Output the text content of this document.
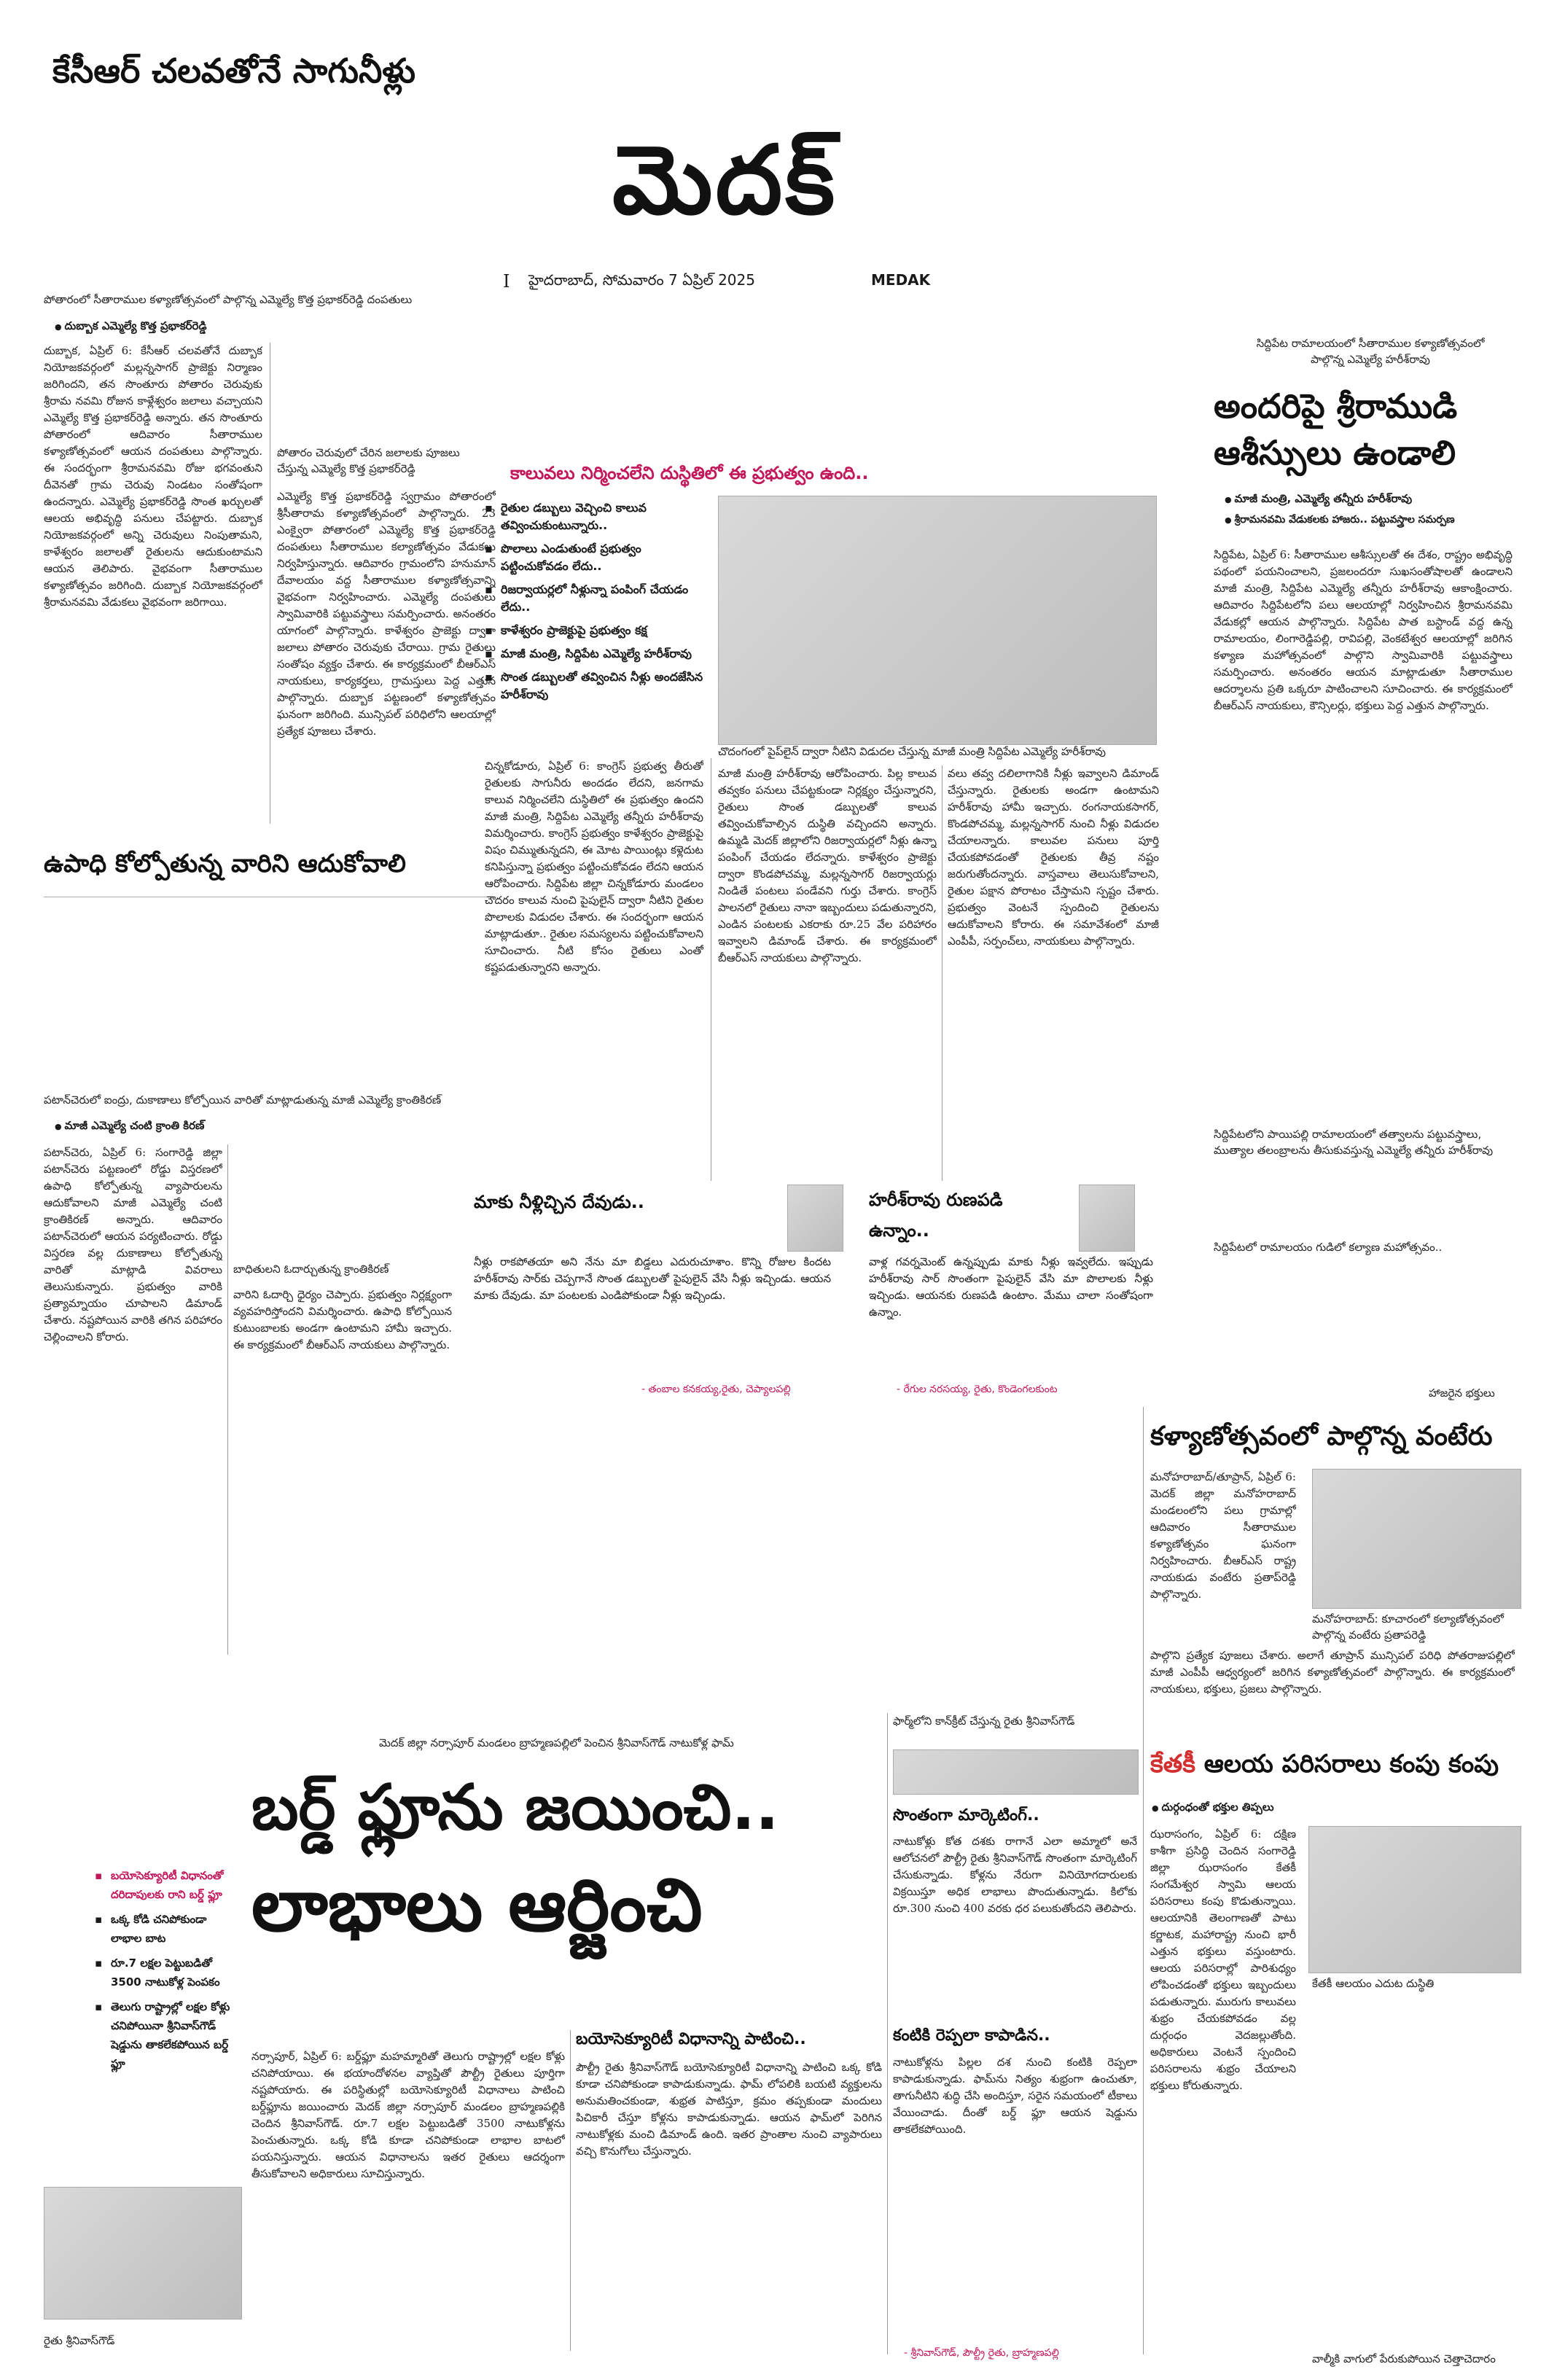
కేసీఆర్ చలవతోనే సాగునీళ్లు
మెదక్
I హైదరాబాద్, సోమవారం 7 ఏప్రిల్ 2025	MEDAK
పోతారంలో సీతారాముల కళ్యాణోత్సవంలో పాల్గొన్న ఎమ్మెల్యే కొత్త ప్రభాకర్‌రెడ్డి దంపతులు
● దుబ్బాక ఎమ్మెల్యే కొత్త ప్రభాకర్‌రెడ్డి
దుబ్బాక, ఏప్రిల్ 6: కేసీఆర్ చలవతోనే దుబ్బాక నియోజకవర్గంలో మల్లన్నసాగర్ ప్రాజెక్టు నిర్మాణం జరిగిందని, తన సొంతూరు పోతారం చెరువుకు శ్రీరామ నవమి రోజున కాళ్లేశ్వరం జలాలు వచ్చాయని ఎమ్మెల్యే కొత్త ప్రభాకర్‌రెడ్డి అన్నారు. తన సొంతూరు పోతారంలో ఆదివారం సీతారాముల కళ్యాణోత్సవంలో ఆయన దంపతులు పాల్గొన్నారు. ఈ సందర్భంగా శ్రీరామనవమి రోజు భగవంతుని దీవెనతో గ్రామ చెరువు నిండటం సంతోషంగా ఉందన్నారు. ఎమ్మెల్యే ప్రభాకర్‌రెడ్డి సొంత ఖర్చులతో ఆలయ అభివృద్ధి పనులు చేపట్టారు. దుబ్బాక నియోజకవర్గంలో అన్ని చెరువులు నింపుతామని, కాళేశ్వరం జలాలతో రైతులను ఆదుకుంటామని ఆయన తెలిపారు. వైభవంగా సీతారాముల కళ్యాణోత్సవం జరిగింది. దుబ్బాక నియోజకవర్గంలో శ్రీరామనవమి వేడుకలు వైభవంగా జరిగాయి.
పోతారం చెరువులో చేరిన జలాలకు పూజలు చేస్తున్న ఎమ్మెల్యే కొత్త ప్రభాకర్‌రెడ్డి
ఎమ్మెల్యే కొత్త ప్రభాకర్‌రెడ్డి స్వగ్రామం పోతారంలో శ్రీసీతారామ కళ్యాణోత్సవంలో పాల్గొన్నారు. 23 ఎంక్వైరా పోతారంలో ఎమ్మెల్యే కొత్త ప్రభాకర్‌రెడ్డి దంపతులు సీతారాముల కల్యాణోత్సవం వేడుకలు నిర్వహిస్తున్నారు. ఆదివారం గ్రామంలోని హనుమాన్ దేవాలయం వద్ద సీతారాముల కళ్యాణోత్సవాన్ని వైభవంగా నిర్వహించారు. ఎమ్మెల్యే దంపతులు స్వామివారికి పట్టువస్త్రాలు సమర్పించారు. అనంతరం యాగంలో పాల్గొన్నారు. కాళేశ్వరం ప్రాజెక్టు ద్వారా జలాలు పోతారం చెరువుకు చేరాయి. గ్రామ రైతులు సంతోషం వ్యక్తం చేశారు. ఈ కార్యక్రమంలో బీఆర్‌ఎస్ నాయకులు, కార్యకర్తలు, గ్రామస్తులు పెద్ద ఎత్తున పాల్గొన్నారు. దుబ్బాక పట్టణంలో కళ్యాణోత్సవం ఘనంగా జరిగింది. మున్సిపల్ పరిధిలోని ఆలయాల్లో ప్రత్యేక పూజలు చేశారు.
ఉపాధి కోల్పోతున్న వారిని ఆదుకోవాలి
పటాన్‌చెరులో ఐంద్రు, దుకాణాలు కోల్పోయిన వారితో మాట్లాడుతున్న మాజీ ఎమ్మెల్యే క్రాంతికిరణ్
● మాజీ ఎమ్మెల్యే చంటి క్రాంతి కిరణ్
పటాన్‌చెరు, ఏప్రిల్ 6: సంగారెడ్డి జిల్లా పటాన్‌చెరు పట్టణంలో రోడ్డు విస్తరణలో ఉపాధి కోల్పోతున్న వ్యాపారులను ఆదుకోవాలని మాజీ ఎమ్మెల్యే చంటి క్రాంతికిరణ్ అన్నారు. ఆదివారం పటాన్‌చెరులో ఆయన పర్యటించారు. రోడ్డు విస్తరణ వల్ల దుకాణాలు కోల్పోతున్న వారితో మాట్లాడి వివరాలు తెలుసుకున్నారు. ప్రభుత్వం వారికి ప్రత్యామ్నాయం చూపాలని డిమాండ్ చేశారు. నష్టపోయిన వారికి తగిన పరిహారం చెల్లించాలని కోరారు.
బాధితులని ఓదార్చుతున్న క్రాంతికిరణ్
వారిని ఓదార్చి ధైర్యం చెప్పారు. ప్రభుత్వం నిర్లక్ష్యంగా వ్యవహరిస్తోందని విమర్శించారు. ఉపాధి కోల్పోయిన కుటుంబాలకు అండగా ఉంటామని హామీ ఇచ్చారు. ఈ కార్యక్రమంలో బీఆర్‌ఎస్ నాయకులు పాల్గొన్నారు.
కాలువలు నిర్మించలేని దుస్థితిలో ఈ ప్రభుత్వం ఉంది..
▪ రైతుల డబ్బులు వెచ్చించి కాలువ తవ్వించుకుంటున్నారు..
▪ పొలాలు ఎండుతుంటే ప్రభుత్వం పట్టించుకోవడం లేదు..
▪ రిజర్వాయర్లలో నీళ్లున్నా పంపింగ్ చేయడం లేదు..
▪ కాళేశ్వరం ప్రాజెక్టుపై ప్రభుత్వం కక్ష
▪ మాజీ మంత్రి, సిద్దిపేట ఎమ్మెల్యే హరీశ్‌రావు
▪ సొంత డబ్బులతో తవ్వించిన నీళ్లు అందజేసిన హరీశ్‌రావు
చొదంగంలో పైప్‌లైన్ ద్వారా నీటిని విడుదల చేస్తున్న మాజీ మంత్రి సిద్దిపేట ఎమ్మెల్యే హరీశ్‌రావు
చిన్నకోడూరు, ఏప్రిల్ 6: కాంగ్రెస్ ప్రభుత్వ తీరుతో రైతులకు సాగునీరు అందడం లేదని, జనగామ కాలువ నిర్మించలేని దుస్థితిలో ఈ ప్రభుత్వం ఉందని మాజీ మంత్రి, సిద్దిపేట ఎమ్మెల్యే తన్నీరు హరీశ్‌రావు విమర్శించారు. కాంగ్రెస్ ప్రభుత్వం కాళేశ్వరం ప్రాజెక్టుపై విషం చిమ్ముతున్నదని, ఈ మోట పాయింట్లు కళ్లెదుట కనిపిస్తున్నా ప్రభుత్వం పట్టించుకోవడం లేదని ఆయన ఆరోపించారు. సిద్దిపేట జిల్లా చిన్నకోడూరు మండలం చౌదరం కాలువ నుంచి పైపులైన్ ద్వారా నీటిని రైతుల పొలాలకు విడుదల చేశారు. ఈ సందర్భంగా ఆయన మాట్లాడుతూ.. రైతుల సమస్యలను పట్టించుకోవాలని సూచించారు. నీటి కోసం రైతులు ఎంతో కష్టపడుతున్నారని అన్నారు.
మాజీ మంత్రి హరీశ్‌రావు ఆరోపించారు. పిల్ల కాలువ తవ్వకం పనులు చేపట్టకుండా నిర్లక్ష్యం చేస్తున్నారని, రైతులు సొంత డబ్బులతో కాలువ తవ్వించుకోవాల్సిన దుస్థితి వచ్చిందని అన్నారు. ఉమ్మడి మెదక్ జిల్లాలోని రిజర్వాయర్లలో నీళ్లు ఉన్నా పంపింగ్ చేయడం లేదన్నారు. కాళేశ్వరం ప్రాజెక్టు ద్వారా కొండపోచమ్మ, మల్లన్నసాగర్ రిజర్వాయర్లు నిండితే పంటలు పండేవని గుర్తు చేశారు. కాంగ్రెస్ పాలనలో రైతులు నానా ఇబ్బందులు పడుతున్నారని, ఎండిన పంటలకు ఎకరాకు రూ.25 వేల పరిహారం ఇవ్వాలని డిమాండ్ చేశారు. ఈ కార్యక్రమంలో బీఆర్‌ఎస్ నాయకులు పాల్గొన్నారు.
వలు తవ్వ దలిలాగానికి నీళ్లు ఇవ్వాలని డిమాండ్ చేస్తున్నారు. రైతులకు అండగా ఉంటామని హరీశ్‌రావు హామీ ఇచ్చారు. రంగనాయకసాగర్, కొండపోచమ్మ, మల్లన్నసాగర్ నుంచి నీళ్లు విడుదల చేయాలన్నారు. కాలువల పనులు పూర్తి చేయకపోవడంతో రైతులకు తీవ్ర నష్టం జరుగుతోందన్నారు. వాస్తవాలు తెలుసుకోవాలని, రైతుల పక్షాన పోరాటం చేస్తామని స్పష్టం చేశారు. ప్రభుత్వం వెంటనే స్పందించి రైతులను ఆదుకోవాలని కోరారు. ఈ సమావేశంలో మాజీ ఎంపీపీ, సర్పంచ్‌లు, నాయకులు పాల్గొన్నారు.
మాకు నీళ్లిచ్చిన దేవుడు..
నీళ్లు రాకపోతయా అని నేను మా బిడ్డలు ఎదురుచూశాం. కొన్ని రోజుల కిందట హరీశ్‌రావు సార్‌కు చెప్పగానే సొంత డబ్బులతో పైపులైన్ వేసి నీళ్లు ఇచ్చిండు. ఆయన మాకు దేవుడు. మా పంటలకు ఎండిపోకుండా నీళ్లు ఇచ్చిండు.
- తంబాల కనకయ్య,రైతు, చెప్యాలపల్లి
హరీశ్‌రావు రుణపడి ఉన్నాం..
వాళ్ల గవర్నమెంట్ ఉన్నప్పుడు మాకు నీళ్లు ఇవ్వలేదు. ఇప్పుడు హరీశ్‌రావు సార్ సొంతంగా పైపులైన్ వేసి మా పొలాలకు నీళ్లు ఇచ్చిండు. ఆయనకు రుణపడి ఉంటాం. మేము చాలా సంతోషంగా ఉన్నాం.
- రేగుల నరసయ్య, రైతు, కొండెంగలకుంట
సిద్దిపేట రామాలయంలో సీతారాముల కళ్యాణోత్సవంలో పాల్గొన్న ఎమ్మెల్యే హరీశ్‌రావు
అందరిపై శ్రీరాముడి ఆశీస్సులు ఉండాలి
● మాజీ మంత్రి, ఎమ్మెల్యే తన్నీరు హరీశ్‌రావు
● శ్రీరామనవమి వేడుకలకు హాజరు.. పట్టువస్త్రాల సమర్పణ
సిద్దిపేట, ఏప్రిల్ 6: సీతారాముల ఆశీస్సులతో ఈ దేశం, రాష్ట్రం అభివృద్ధి పథంలో పయనించాలని, ప్రజలందరూ సుఖసంతోషాలతో ఉండాలని మాజీ మంత్రి, సిద్దిపేట ఎమ్మెల్యే తన్నీరు హరీశ్‌రావు ఆకాంక్షించారు. ఆదివారం సిద్దిపేటలోని పలు ఆలయాల్లో నిర్వహించిన శ్రీరామనవమి వేడుకల్లో ఆయన పాల్గొన్నారు. సిద్దిపేట పాత బస్టాండ్ వద్ద ఉన్న రామాలయం, లింగారెడ్డిపల్లి, రావిపల్లి, వెంకటేశ్వర ఆలయాల్లో జరిగిన కళ్యాణ మహోత్సవంలో పాల్గొని స్వామివారికి పట్టువస్త్రాలు సమర్పించారు. అనంతరం ఆయన మాట్లాడుతూ సీతారాముల ఆదర్శాలను ప్రతి ఒక్కరూ పాటించాలని సూచించారు. ఈ కార్యక్రమంలో బీఆర్‌ఎస్ నాయకులు, కౌన్సిలర్లు, భక్తులు పెద్ద ఎత్తున పాల్గొన్నారు.
సిద్దిపేటలోని పాయిపల్లి రామాలయంలో తత్వాలను పట్టువస్త్రాలు, ముత్యాల తలంబ్రాలను తీసుకువస్తున్న ఎమ్మెల్యే తన్నీరు హరీశ్‌రావు
సిద్దిపేటలో రామాలయం గుడిలో కల్యాణ మహోత్సవం..
హాజరైన భక్తులు
కళ్యాణోత్సవంలో పాల్గొన్న వంటేరు
మనోహరాబాద్/తూప్రాన్, ఏప్రిల్ 6: మెదక్ జిల్లా మనోహరాబాద్ మండలంలోని పలు గ్రామాల్లో ఆదివారం సీతారాముల కళ్యాణోత్సవం ఘనంగా నిర్వహించారు. బీఆర్‌ఎస్ రాష్ట్ర నాయకుడు వంటేరు ప్రతాప్‌రెడ్డి పాల్గొన్నారు.
మనోహరాబాద్: కూచారంలో కల్యాణోత్సవంలో పాల్గొన్న వంటేరు ప్రతాపరెడ్డి
పాల్గొని ప్రత్యేక పూజలు చేశారు. అలాగే తూప్రాన్ మున్సిపల్ పరిధి పోతరాజుపల్లిలో మాజీ ఎంపీపీ ఆధ్వర్యంలో జరిగిన కళ్యాణోత్సవంలో పాల్గొన్నారు. ఈ కార్యక్రమంలో నాయకులు, భక్తులు, ప్రజలు పాల్గొన్నారు.
కేతకీ ఆలయ పరిసరాలు కంపు కంపు
● దుర్గంధంతో భక్తుల తిప్పలు
ఝరాసంగం, ఏప్రిల్ 6: దక్షిణ కాశీగా ప్రసిద్ధి చెందిన సంగారెడ్డి జిల్లా ఝరాసంగం కేతకీ సంగమేశ్వర స్వామి ఆలయ పరిసరాలు కంపు కొడుతున్నాయి. ఆలయానికి తెలంగాణతో పాటు కర్ణాటక, మహారాష్ట్ర నుంచి భారీ ఎత్తున భక్తులు వస్తుంటారు. ఆలయ పరిసరాల్లో పారిశుధ్యం లోపించడంతో భక్తులు ఇబ్బందులు పడుతున్నారు. మురుగు కాలువలు శుభ్రం చేయకపోవడం వల్ల దుర్గంధం వెదజల్లుతోంది. అధికారులు వెంటనే స్పందించి పరిసరాలను శుభ్రం చేయాలని భక్తులు కోరుతున్నారు.
కేతకీ ఆలయం ఎదుట దుస్థితి
వాల్మీకి వాగులో పేరుకుపోయిన చెత్తాచెదారం
మెదక్ జిల్లా నర్సాపూర్ మండలం బ్రాహ్మణపల్లిలో పెంచిన శ్రీనివాస్‌గౌడ్ నాటుకోళ్ల ఫామ్
బర్డ్ ఫ్లూను జయించి..
లాభాలు ఆర్జించి
▪ బయోసెక్యూరిటీ విధానంతో దరిదాపులకు రాని బర్డ్ ఫ్లూ
▪ ఒక్క కోడి చనిపోకుండా లాభాల బాట
▪ రూ.7 లక్షల పెట్టుబడితో 3500 నాటుకోళ్ల పెంపకం
▪ తెలుగు రాష్ట్రాల్లో లక్షల కోళ్లు చనిపోయినా శ్రీనివాస్‌గౌడ్ షెడ్డును తాకలేకపోయిన బర్డ్ ఫ్లూ
రైతు శ్రీనివాస్‌గౌడ్
ఫార్మ్‌లోని కాన్‌క్రీట్ చేస్తున్న రైతు శ్రీనివాస్‌గౌడ్
నర్సాపూర్, ఏప్రిల్ 6: బర్డ్‌ఫ్లూ మహమ్మారితో తెలుగు రాష్ట్రాల్లో లక్షల కోళ్లు చనిపోయాయి. ఈ భయాందోళనల వ్యాప్తితో పౌల్ట్రీ రైతులు పూర్తిగా నష్టపోయారు. ఈ పరిస్థితుల్లో బయోసెక్యూరిటీ విధానాలు పాటించి బర్డ్‌ఫ్లూను జయించారు మెదక్ జిల్లా నర్సాపూర్ మండలం బ్రాహ్మణపల్లికి చెందిన శ్రీనివాస్‌గౌడ్. రూ.7 లక్షల పెట్టుబడితో 3500 నాటుకోళ్లను పెంచుతున్నారు. ఒక్క కోడి కూడా చనిపోకుండా లాభాల బాటలో పయనిస్తున్నారు. ఆయన విధానాలను ఇతర రైతులు ఆదర్శంగా తీసుకోవాలని అధికారులు సూచిస్తున్నారు.
బయోసెక్యూరిటీ విధానాన్ని పాటించి..
పౌల్ట్రీ రైతు శ్రీనివాస్‌గౌడ్ బయోసెక్యూరిటీ విధానాన్ని పాటించి ఒక్క కోడి కూడా చనిపోకుండా కాపాడుకున్నాడు. ఫామ్ లోపలికి బయటి వ్యక్తులను అనుమతించకుండా, శుభ్రత పాటిస్తూ, క్రమం తప్పకుండా మందులు పిచికారీ చేస్తూ కోళ్లను కాపాడుకున్నాడు. ఆయన ఫామ్‌లో పెరిగిన నాటుకోళ్లకు మంచి డిమాండ్ ఉంది. ఇతర ప్రాంతాల నుంచి వ్యాపారులు వచ్చి కొనుగోలు చేస్తున్నారు.
సొంతంగా మార్కెటింగ్..
నాటుకోళ్లు కోత దశకు రాగానే ఎలా అమ్మాలో అనే ఆలోచనలో పౌల్ట్రీ రైతు శ్రీనివాస్‌గౌడ్ సొంతంగా మార్కెటింగ్ చేసుకున్నాడు. కోళ్లను నేరుగా వినియోగదారులకు విక్రయిస్తూ అధిక లాభాలు పొందుతున్నాడు. కిలోకు రూ.300 నుంచి 400 వరకు ధర పలుకుతోందని తెలిపారు.
కంటికి రెప్పలా కాపాడిన..
నాటుకోళ్లను పిల్లల దశ నుంచి కంటికి రెప్పలా కాపాడుకున్నాడు. ఫామ్‌ను నిత్యం శుభ్రంగా ఉంచుతూ, తాగునీటిని శుద్ధి చేసి అందిస్తూ, సరైన సమయంలో టీకాలు వేయించాడు. దీంతో బర్డ్ ఫ్లూ ఆయన షెడ్డును తాకలేకపోయింది.
- శ్రీనివాస్‌గౌడ్, పౌల్ట్రీ రైతు, బ్రాహ్మణపల్లి
